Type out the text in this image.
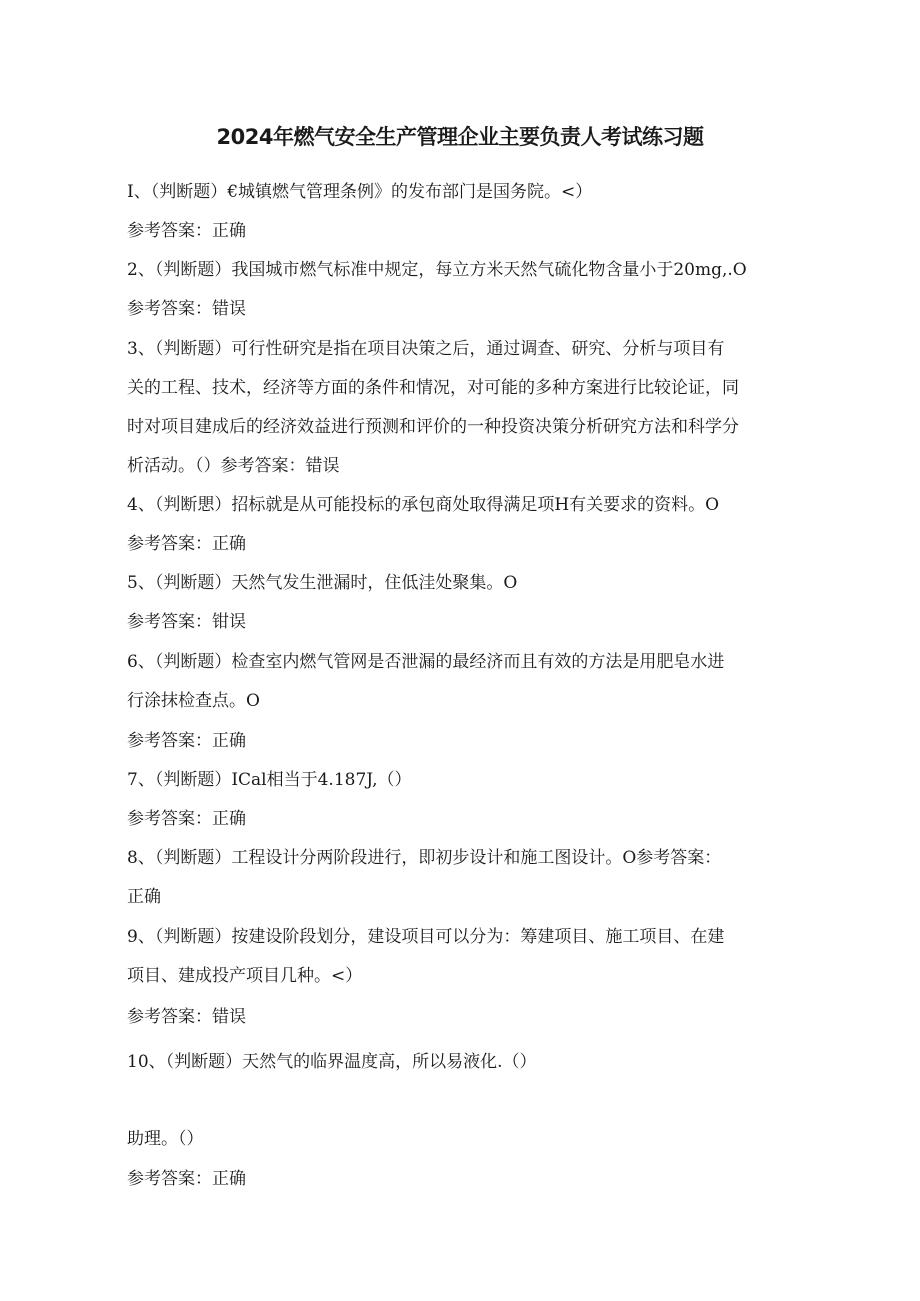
2024年燃气安全生产管理企业主要负责人考试练习题
I、（判断题）€城镇燃气管理条例》的发布部门是国务院。<）
参考答案：正确
2、（判断题）我国城市燃气标准中规定，每立方米天然气硫化物含量小于20mg,.O
参考答案：错误
3、（判断题）可行性研究是指在项目决策之后，通过调查、研究、分析与项目有
关的工程、技术，经济等方面的条件和情况，对可能的多种方案进行比较论证，同
时对项目建成后的经济效益进行预测和评价的一种投资决策分析研究方法和科学分
析活动。（）参考答案：错误
4、（判断愳）招标就是从可能投标的承包商处取得满足项H有关要求的资料。O
参考答案：正确
5、（判断题）天然气发生泄漏时，住低洼处聚集。O
参考答案：钳误
6、（判断题）检查室内燃气管网是否泄漏的最经济而且有效的方法是用肥皂水进
行涂抹检查点。O
参考答案：正确
7、（判断题）ICal相当于4.187J,（）
参考答案：正确
8、（判断题）工程设计分两阶段进行，即初步设计和施工图设计。O参考答案：
正确
9、（判断题）按建设阶段划分，建设项目可以分为：筹建项目、施工项目、在建
项目、建成投产项目几种。<）
参考答案：错误
10、（判断题）天然气的临界温度高，所以易液化.（）
助理。（）
参考答案：正确
